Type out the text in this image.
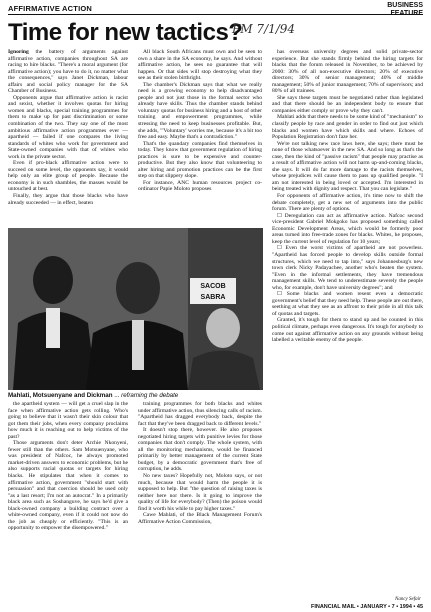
AFFIRMATIVE ACTION	BUSINESS
Time for new tactics?
FM 7/1/94

Ignoring the battery of arguments against affirmative action, companies throughout SA are racing to hire blacks. "There's a moral argument (for affirmative action); you have to do it, no matter what the consequences," says Janet Dickman, labour affairs and social policy manager for the SA Chamber of Business.

Opponents argue that affirmative action is racist and sexist, whether it involves quotas for hiring women and blacks, special training programmes for them to make up for past discrimination or some combination of the two. They say one of the most ambitious affirmative action programmes ever — apartheid — failed if one compares the living standards of whites who work for government and State-owned companies with that of whites who work in the private sector.

Even if pro-black affirmative action were to succeed on some level, the opponents say, it would help only an elite group of people. Because the economy is in such shambles, the masses would be untouched at best.

Finally, they argue that those blacks who have already succeeded — in effect, beaten

All black South Africans must own and be seen to own a share in the SA economy, he says. And without affirmative action, he sees no guarantee that will happen. Or that sides will stop destroying what they see as their stolen birthright.

The chamber's Dickman says that what we really need is a growing economy to help disadvantaged people and not just those in the formal sector who already have skills. Thus the chamber stands behind voluntary quotas for business hiring and a host of other training and empowerment programmes, while stressing the need to keep businesses profitable. But, she adds, "'Voluntary' worries me, because it's a bit too free and easy. Maybe that's a contradiction."

That's the quandary companies find themselves in today. They know that government regulation of hiring practices is sure to be expensive and counter-productive. But they also know that volunteering to alter hiring and promotion practices can be the first step on that slippery slope.

For instance, ANC human resources project co-ordinator Papie Moloto proposes

has overseas university degrees and solid private-sector experience. But she stands firmly behind the hiring targets for blacks that the forum released in November, to be achieved by 2000: 30% of all non-executive directors; 20% of executive directors; 30% of senior management; 40% of middle management; 50% of junior management; 70% of supervisors; and 80% of all trainees.

She says these targets must be negotiated rather than legislated and that there should be an independent body to ensure that companies either comply or prove why they can't.

Mahlati adds that there needs to be some kind of "mechanism" to classify people by race and gender in order to find out just which blacks and women have which skills and where. Echoes of Population Registration don't faze her.

We're not talking new race laws here, she says; there must be none of those whatsoever in the new SA. And so long as that's the case, then the kind of "passive racism" that people may practise as a result of affirmative action will not harm up-and-coming blacks, she says. It will do far more damage to the racists themselves, whose prejudices will cause them to pass up qualified people. "I am not interested in being loved or accepted. I'm interested in being treated with dignity and respect. That you can legislate."

For opponents of affirmative action, it's time now to shift the debate completely, get a new set of arguments into the public forum. There are plenty of options.

☐ Deregulation can act as affirmative action. Nafcoc second vice-president Gabriel Mokgoko has proposed something called Economic Development Areas, which would be formerly poor areas turned into free-trade zones for blacks. Whites, he proposes, keep the current level of regulation for 10 years;

☐ Even the worst victims of apartheid are not powerless. "Apartheid has forced people to develop skills outside formal structures, which we need to tap into," says Johannesburg's new town clerk Nicky Padayachee, another who's beaten the system. "Even in the informal settlements, they have tremendous management skills. We tend to underestimate severely the people who, for example, don't have university degrees"; and

☐ Some blacks and women resent even a democratic government's belief that they need help. These people are out there, seething at what they see as an affront to their pride in all this talk of quotas and targets.

Granted, it's tough for them to stand up and be counted in this political climate, perhaps even dangerous. It's tough for anybody to come out against affirmative action on any grounds without being labelled a veritable enemy of the people.

SACOB
SABRA
Mahlati, Motsuenyane and Dickman ... reframing the debate

the apartheid system — will get a cruel slap in the face when affirmative action gets rolling. Who's going to believe that it wasn't their skin colour that got them their jobs, when every company proclaims how much it is reaching out to help victims of the past?

Those arguments don't deter Archie Nkonyeni, fewer still than the others. Sam Motsuenyane, who was president of Nafcoc, he always promoted market-driven answers to economic problems, but he also supports racial quotas or targets for hiring blacks. He stipulates that when it comes to affirmative action, government "should start with persuasion" and that coercion should be used only "as a last resort; I'm not an autocrat." In a primarily black area such as Soshanguve, he says he'd give a black-owned company a building contract over a white-owned company, even if it could not now do the job as cheaply or efficiently. "This is an opportunity to empower the disempowered."

training programmes for both blacks and whites under affirmative action, thus silencing calls of racism. "Apartheid has dragged everybody back, despite the fact that they've been dragged back to different levels."

It doesn't stop there, however. He also proposes negotiated hiring targets with punitive levies for those companies that don't comply. The whole system, with all the monitoring mechanisms, would be financed primarily by better management of the current State budget, by a democratic government that's free of corruption, he adds.

No new taxes? Hopefully not, Moloto says, or not much, because that would harm the people it is supposed to help. But "the question of raising taxes is neither here nor there. Is it going to improve the quality of life for everybody? (Then) the poison would find it worth his while to pay higher taxes."

Cawe Mahlati, of the Black Management Forum's Affirmative Action Commission,

Nancy Sefair
FINANCIAL MAIL • JANUARY • 7 • 1994 • 45
